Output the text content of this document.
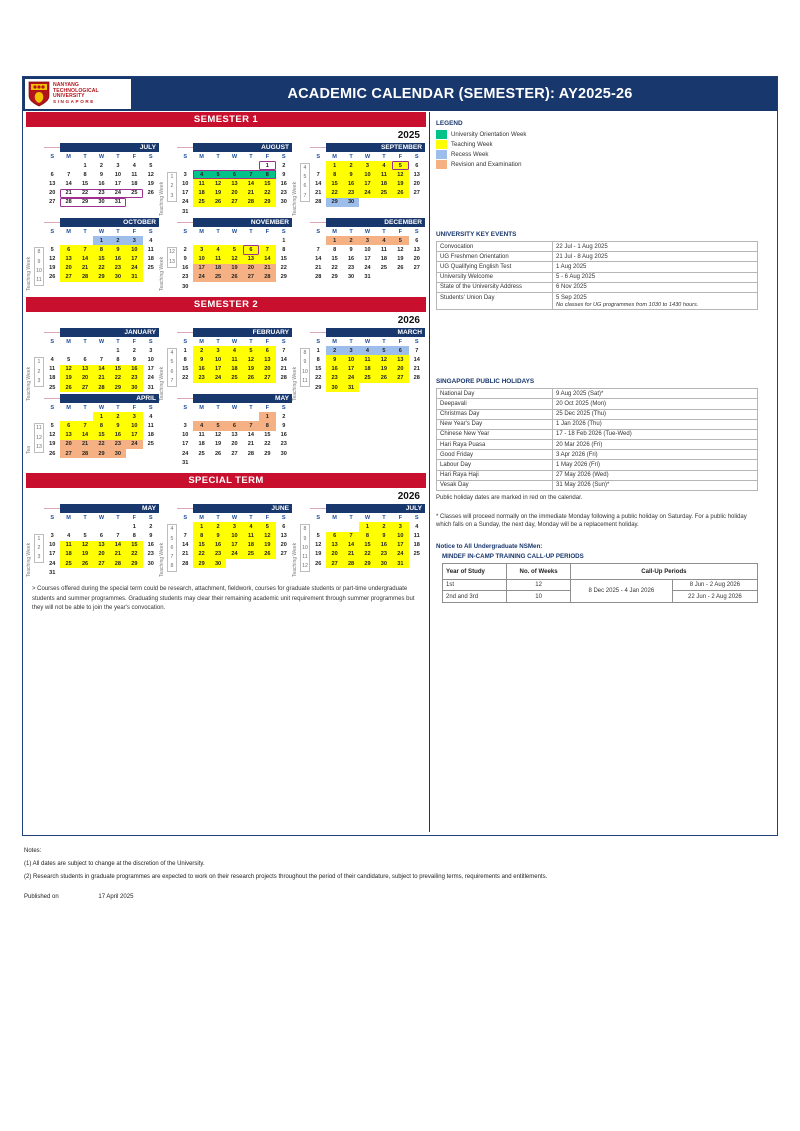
NANYANG
TECHNOLOGICAL
UNIVERSITY
SINGAPORE	ACADEMIC CALENDAR (SEMESTER): AY2025-26
SEMESTER 1
2025
JULY
S	M	T	W	T	F	S
		1	2	3	4	5
6	7	8	9	10	11	12
13	14	15	16	17	18	19
20	21	22	23	24	25	26
27	28	29	30	31			Teaching Week
1
2
3
AUGUST
S	M	T	W	T	F	S
					1	2
3	4	5	6	7	8	9
10	11	12	13	14	15	16
17	18	19	20	21	22	23
24	25	26	27	28	29	30
31							Teaching Week
4
5
6
7
SEPTEMBER
S	M	T	W	T	F	S
	1	2	3	4	5	6
7	8	9	10	11	12	13
14	15	16	17	18	19	20
21	22	23	24	25	26	27
28	29	30				
Teaching Week
8
9
10
11
OCTOBER
S	M	T	W	T	F	S
			1	2	3	4
5	6	7	8	9	10	11
12	13	14	15	16	17	18
19	20	21	22	23	24	25
26	27	28	29	30	31		Teaching Week
12
13
NOVEMBER
S	M	T	W	T	F	S
						1
2	3	4	5	6	7	8
9	10	11	12	13	14	15
16	17	18	19	20	21	22
23	24	25	26	27	28	29
30						
DECEMBER
S	M	T	W	T	F	S
	1	2	3	4	5	6
7	8	9	10	11	12	13
14	15	16	17	18	19	20
21	22	23	24	25	26	27
28	29	30	31			
SEMESTER 2
2026
Teaching Week
1
2
3
JANUARY
S	M	T	W	T	F	S
				1	2	3
4	5	6	7	8	9	10
11	12	13	14	15	16	17
18	19	20	21	22	23	24
25	26	27	28	29	30	31 Teaching Week
4
5
6
7
FEBRUARY
S	M	T	W	T	F	S
1	2	3	4	5	6	7
8	9	10	11	12	13	14
15	16	17	18	19	20	21
22	23	24	25	26	27	28 Teaching Week
8
9
10
11
MARCH
S	M	T	W	T	F	S
1	2	3	4	5	6	7
8	9	10	11	12	13	14
15	16	17	18	19	20	21
22	23	24	25	26	27	28
29	30	31				
Tea
11
12
13
APRIL
S	M	T	W	T	F	S
			1	2	3	4
5	6	7	8	9	10	11
12	13	14	15	16	17	18
19	20	21	22	23	24	25
26	27	28	29	30		
MAY
S	M	T	W	T	F	S
					1	2
3	4	5	6	7	8	9
10	11	12	13	14	15	16
17	18	19	20	21	22	23
24	25	26	27	28	29	30
31						
SPECIAL TERM
2026
Teaching Week
1
2
3
MAY
S	M	T	W	T	F	S
					1	2
3	4	5	6	7	8	9
10	11	12	13	14	15	16
17	18	19	20	21	22	23
24	25	26	27	28	29	30
31							Teaching Week
4
5
6
7
8
JUNE
S	M	T	W	T	F	S
	1	2	3	4	5	6
7	8	9	10	11	12	13
14	15	16	17	18	19	20
21	22	23	24	25	26	27
28	29	30					Teaching Week
8
9
10
11
12
JULY
S	M	T	W	T	F	S
			1	2	3	4
5	6	7	8	9	10	11
12	13	14	15	16	17	18
19	20	21	22	23	24	25
26	27	28	29	30	31	
> Courses offered during the special term could be research, attachment, fieldwork, courses for graduate students or part-time undergraduate students and summer programmes. Graduating students may clear their remaining academic unit requirement through summer programmes but they will not be able to join the year's convocation.
LEGEND
University Orientation Week
Teaching Week
Recess Week
Revision and Examination
UNIVERSITY KEY EVENTS
Convocation	22 Jul - 1 Aug 2025
UG Freshmen Orientation	21 Jul - 8 Aug 2025
UG Qualifying English Test	1 Aug 2025
University Welcome	5 - 6 Aug 2025
State of the University Address	6 Nov 2025
Students' Union Day	5 Sep 2025
No classes for UG programmes from 1030 to 1430 hours.
SINGAPORE PUBLIC HOLIDAYS
National Day	9 Aug 2025 (Sat)*
Deepavali	20 Oct 2025 (Mon)
Christmas Day	25 Dec 2025 (Thu)
New Year's Day	1 Jan 2026 (Thu)
Chinese New Year	17 - 18 Feb 2026 (Tue-Wed)
Hari Raya Puasa	20 Mar 2026 (Fri)
Good Friday	3 Apr 2026 (Fri)
Labour Day	1 May 2026 (Fri)
Hari Raya Haji	27 May 2026 (Wed)
Vesak Day	31 May 2026 (Sun)*
Public holiday dates are marked in red on the calendar.
* Classes will proceed normally on the immediate Monday following a public holiday on Saturday. For a public holiday which falls on a Sunday, the next day, Monday will be a replacement holiday.
Notice to All Undergraduate NSMen:
MINDEF IN-CAMP TRAINING CALL-UP PERIODS
Year of Study	No. of Weeks	Call-Up Periods	
1st	12	8 Dec 2025 - 4 Jan 2026	8 Jun - 2 Aug 2026
2nd and 3rd	10		22 Jun - 2 Aug 2026
Notes:
(1) All dates are subject to change at the discretion of the University.
(2) Research students in graduate programmes are expected to work on their research projects throughout the period of their candidature, subject to prevailing terms, requirements and entitlements.
Published on	17 April 2025
